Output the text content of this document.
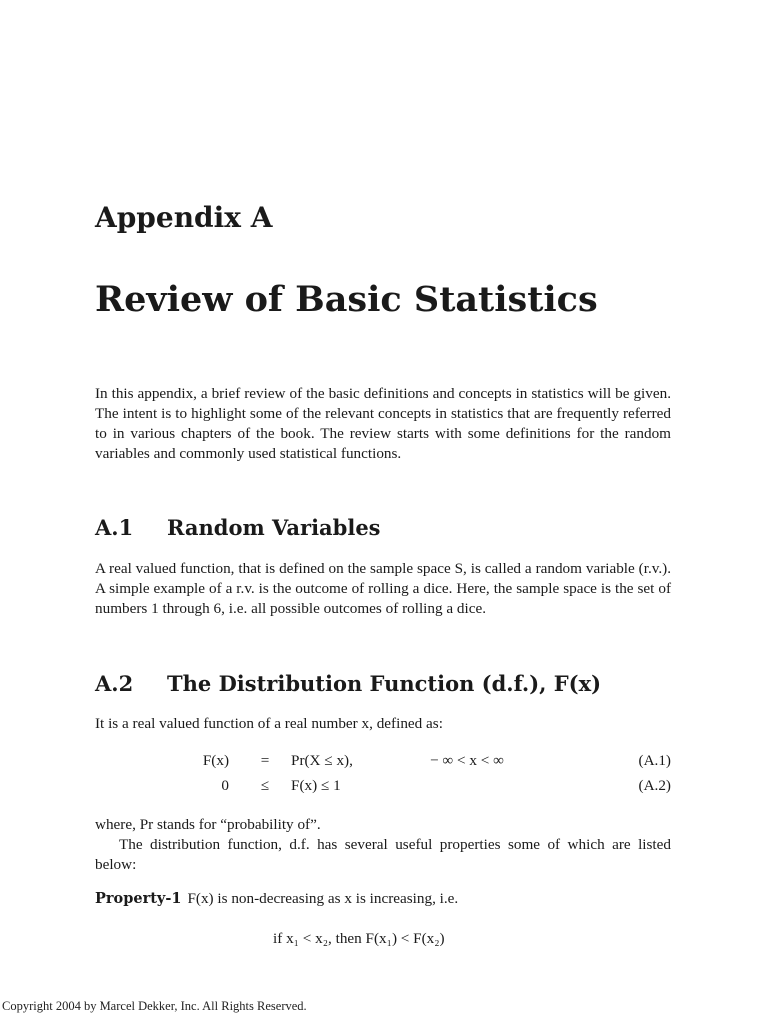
Appendix A
Review of Basic Statistics

In this appendix, a brief review of the basic definitions and concepts in statistics will be given. The intent is to highlight some of the relevant concepts in statistics that are frequently referred to in various chapters of the book. The review starts with some definitions for the random variables and commonly used statistical functions.

A.1 Random Variables

A real valued function, that is defined on the sample space S, is called a random variable (r.v.). A simple example of a r.v. is the outcome of rolling a dice. Here, the sample space is the set of numbers 1 through 6, i.e. all possible outcomes of rolling a dice.

A.2 The Distribution Function (d.f.), F(x)
It is a real valued function of a real number x, defined as:
F(x)	=	Pr(X ≤ x),	− ∞ < x < ∞	(A.1)
0	≤	F(x) ≤ 1	(A.2)
where, Pr stands for “probability of”.

The distribution function, d.f. has several useful properties some of which are listed below:

Property-1 F(x) is non-decreasing as x is increasing, i.e.
if x₁ < x₂, then F(x₁) < F(x₂)
Copyright 2004 by Marcel Dekker, Inc. All Rights Reserved.
